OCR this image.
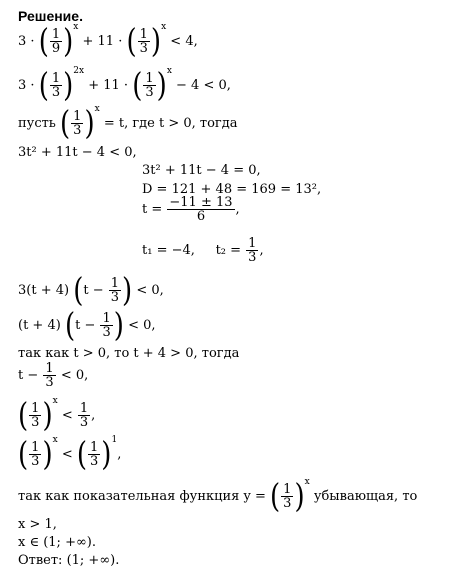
Решение.
3 · ( $\frac{1}{9} )^x + 11$ · ( $\frac{1}{3} )^x < 4$,
3 · ( $\frac{1}{3} )^{2x} + 11$ · ( $\frac{1}{3} )^x - 4 < 0$,
пусть ( $\frac{1}{3} )^x = t$, где t > 0, тогда
3t² + 11t − 4 < 0,
3t² + 11t − 4 = 0,
D = 121 + 48 = 169 = 13²,
$t = \frac{-11 \pm 13}{6}$ ,
t₁ = −4, $t_2 = \frac{1}{3}$ ,
3(t + 4) ($t - \frac{1}{3}$ ) < 0,
(t + 4) ($t - \frac{1}{3}$ ) < 0,
так как t > 0, то t + 4 > 0, тогда
$t - \frac{1}{3} < 0$,
( $\frac{1}{3} )^x < \frac{1}{3}$ ,
( $\frac{1}{3} )^x$ < ( $\frac{1}{3} )^1$,
так как показательная функция y = ( $\frac{1}{3} )^x$ убывающая, то
x > 1,
x ∈ (1; +∞).
Ответ: (1; +∞).
